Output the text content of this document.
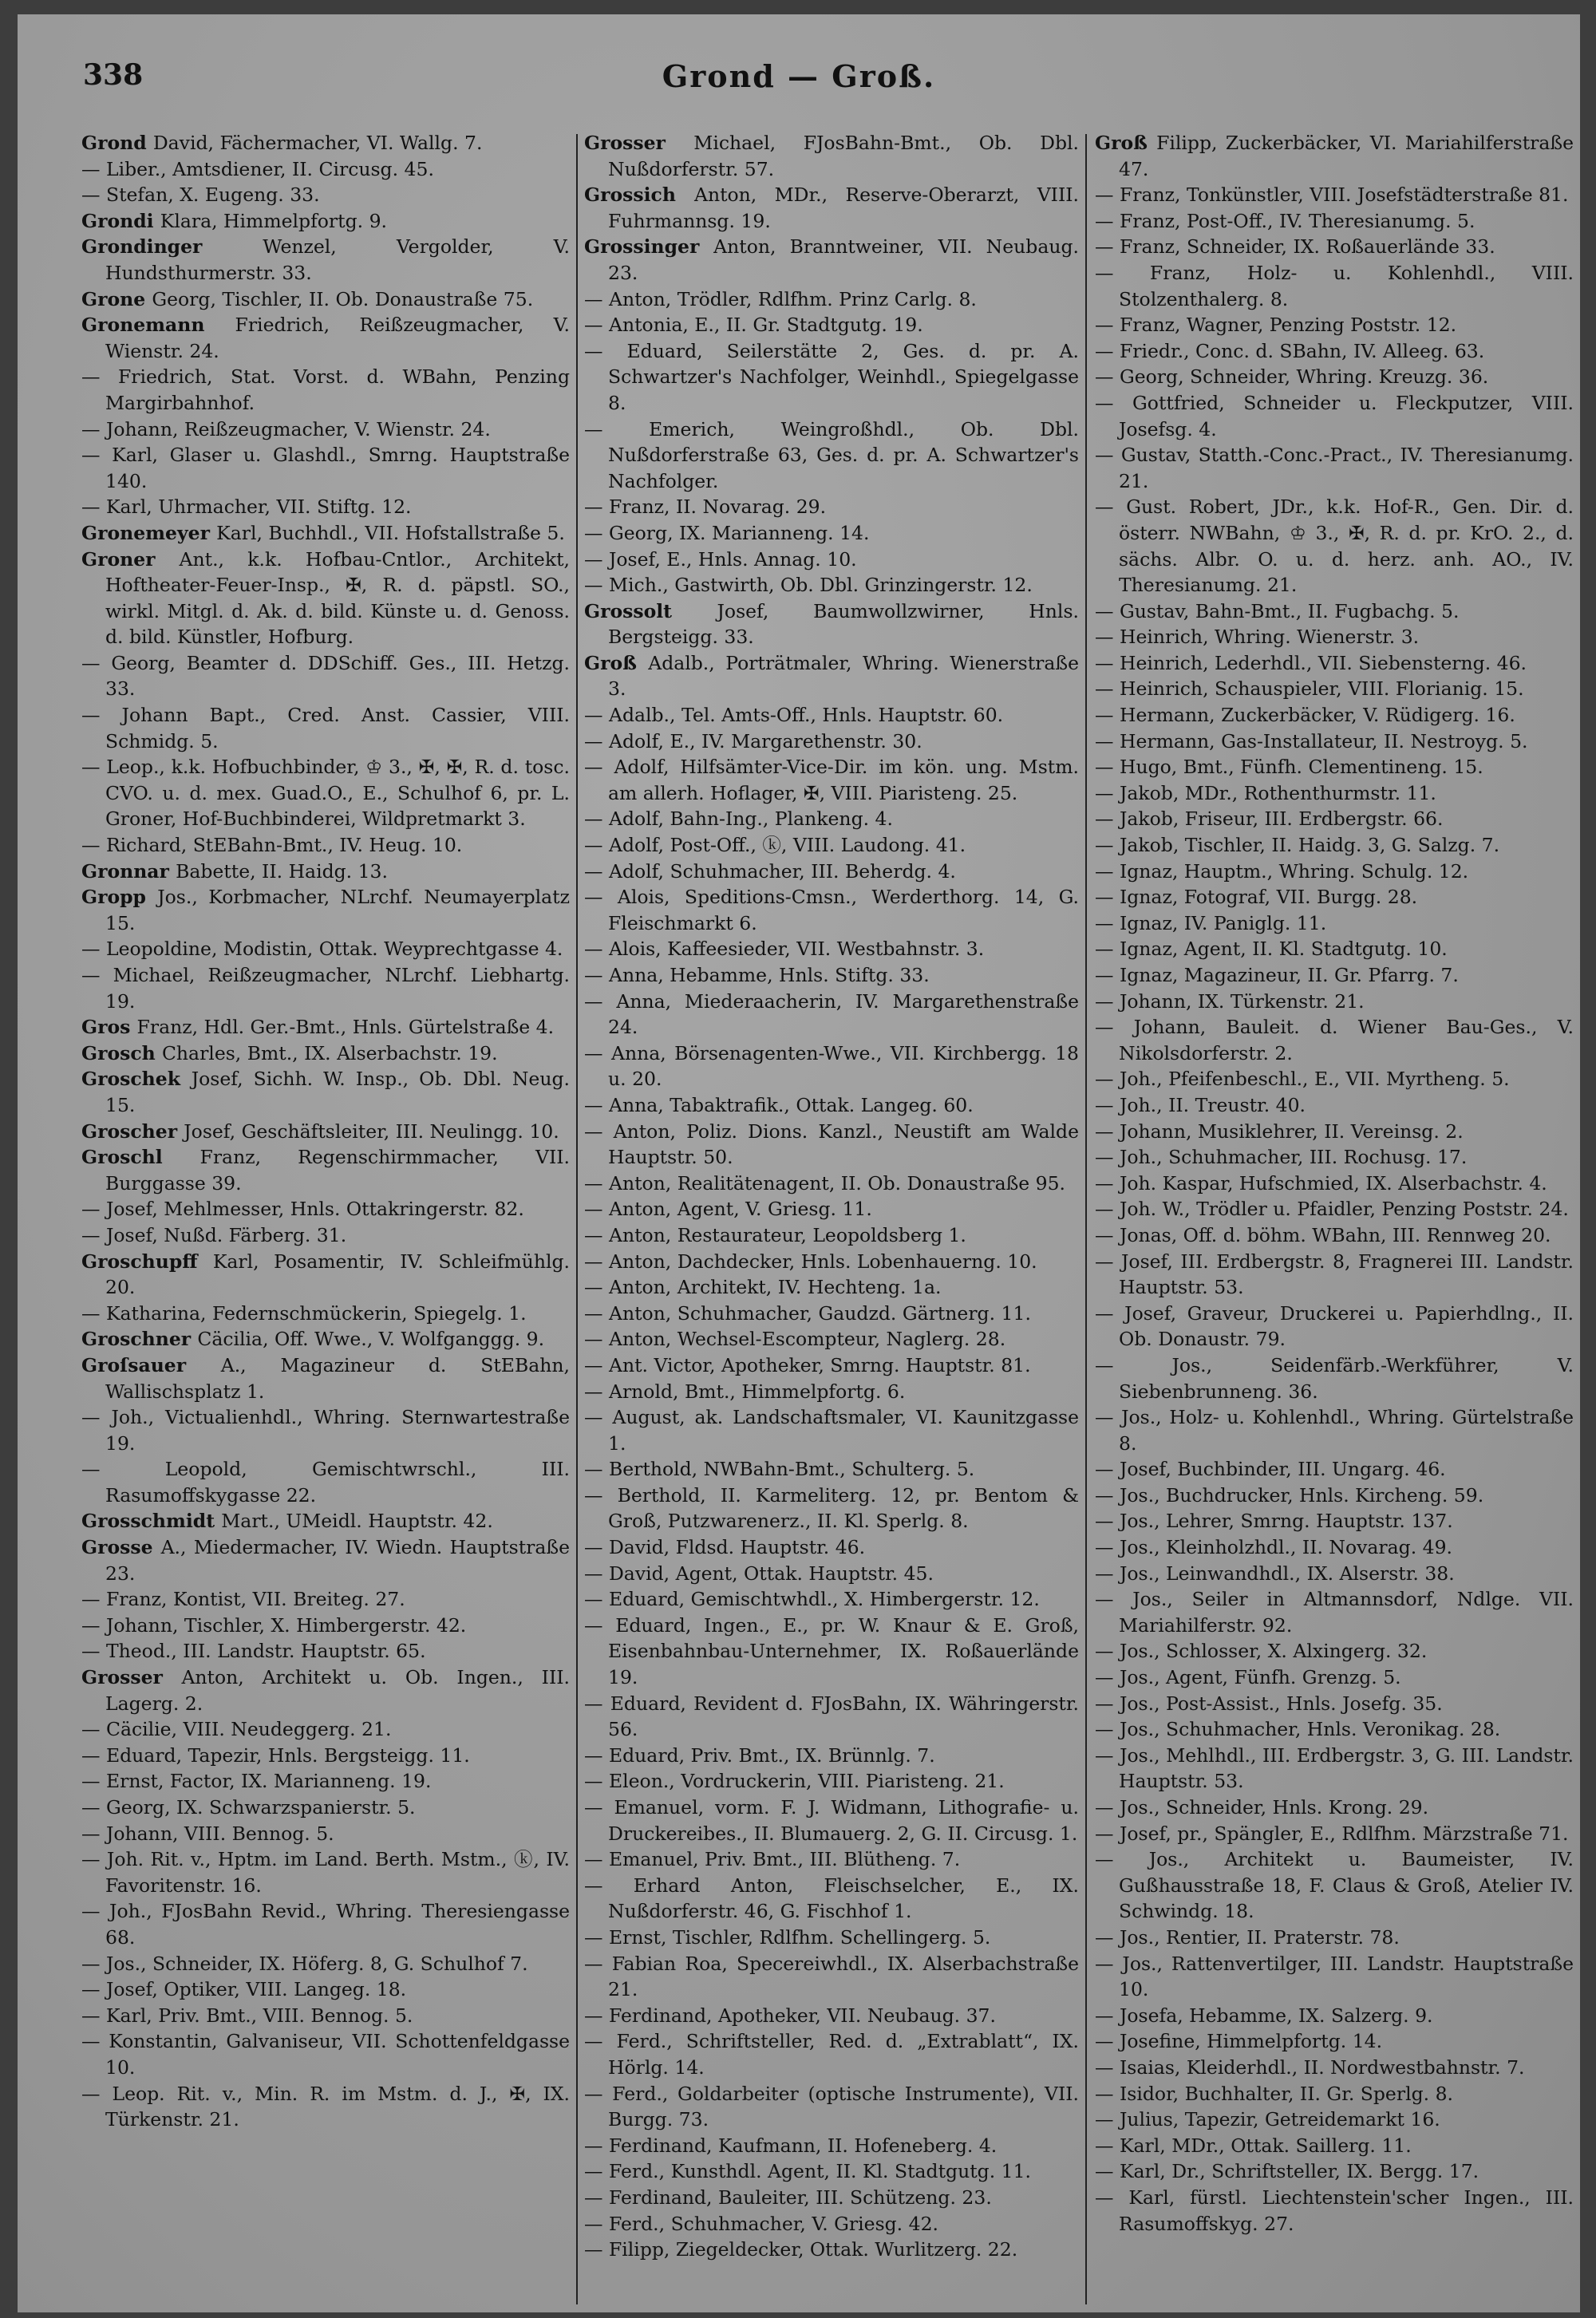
338	Grond — Groß.
Grond David, Fächermacher, VI. Wallg. 7.
— Liber., Amtsdiener, II. Circusg. 45.
— Stefan, X. Eugeng. 33.
Grondi Klara, Himmelpfortg. 9.
Grondinger Wenzel, Vergolder, V. Hundsthurmerstr. 33.
Grone Georg, Tischler, II. Ob. Donaustraße 75.
Gronemann Friedrich, Reißzeugmacher, V. Wienstr. 24.
— Friedrich, Stat. Vorst. d. WBahn, Penzing Margirbahnhof.
— Johann, Reißzeugmacher, V. Wienstr. 24.
— Karl, Glaser u. Glashdl., Smrng. Hauptstraße 140.
— Karl, Uhrmacher, VII. Stiftg. 12.
Gronemeyer Karl, Buchhdl., VII. Hofstallstraße 5.
Groner Ant., k.k. Hofbau-Cntlor., Architekt, Hoftheater-Feuer-Insp., ✠, R. d. päpstl. SO., wirkl. Mitgl. d. Ak. d. bild. Künste u. d. Genoss. d. bild. Künstler, Hofburg.
— Georg, Beamter d. DDSchiff. Ges., III. Hetzg. 33.
— Johann Bapt., Cred. Anst. Cassier, VIII. Schmidg. 5.
— Leop., k.k. Hofbuchbinder, ♔ 3., ✠, ✠, R. d. tosc. CVO. u. d. mex. Guad.O., E., Schulhof 6, pr. L. Groner, Hof-Buchbinderei, Wildpretmarkt 3.
— Richard, StEBahn-Bmt., IV. Heug. 10.
Gronnar Babette, II. Haidg. 13.
Gropp Jos., Korbmacher, NLrchf. Neumayerplatz 15.
— Leopoldine, Modistin, Ottak. Weyprechtgasse 4.
— Michael, Reißzeugmacher, NLrchf. Liebhartg. 19.
Gros Franz, Hdl. Ger.-Bmt., Hnls. Gürtelstraße 4.
Grosch Charles, Bmt., IX. Alserbachstr. 19.
Groschek Josef, Sichh. W. Insp., Ob. Dbl. Neug. 15.
Groscher Josef, Geschäftsleiter, III. Neulingg. 10.
Groschl Franz, Regenschirmmacher, VII. Burggasse 39.
— Josef, Mehlmesser, Hnls. Ottakringerstr. 82.
— Josef, Nußd. Färberg. 31.
Groschupff Karl, Posamentir, IV. Schleifmühlg. 20.
— Katharina, Federnschmückerin, Spiegelg. 1.
Groschner Cäcilia, Off. Wwe., V. Wolfganggg. 9.
Groſsauer A., Magazineur d. StEBahn, Wallischsplatz 1.
— Joh., Victualienhdl., Whring. Sternwartestraße 19.
— Leopold, Gemischtwrschl., III. Rasumoffskygasse 22.
Grosschmidt Mart., UMeidl. Hauptstr. 42.
Grosse A., Miedermacher, IV. Wiedn. Hauptstraße 23.
— Franz, Kontist, VII. Breiteg. 27.
— Johann, Tischler, X. Himbergerstr. 42.
— Theod., III. Landstr. Hauptstr. 65.
Grosser Anton, Architekt u. Ob. Ingen., III. Lagerg. 2.
— Cäcilie, VIII. Neudeggerg. 21.
— Eduard, Tapezir, Hnls. Bergsteigg. 11.
— Ernst, Factor, IX. Marianneng. 19.
— Georg, IX. Schwarzspanierstr. 5.
— Johann, VIII. Bennog. 5.
— Joh. Rit. v., Hptm. im Land. Berth. Mstm., ⓚ, IV. Favoritenstr. 16.
— Joh., FJosBahn Revid., Whring. Theresiengasse 68.
— Jos., Schneider, IX. Höferg. 8, G. Schulhof 7.
— Josef, Optiker, VIII. Langeg. 18.
— Karl, Priv. Bmt., VIII. Bennog. 5.
— Konstantin, Galvaniseur, VII. Schottenfeldgasse 10.
— Leop. Rit. v., Min. R. im Mstm. d. J., ✠, IX. Türkenstr. 21.
Grosser Michael, FJosBahn-Bmt., Ob. Dbl. Nußdorferstr. 57.
Grossich Anton, MDr., Reserve-Oberarzt, VIII. Fuhrmannsg. 19.
Grossinger Anton, Branntweiner, VII. Neubaug. 23.
— Anton, Trödler, Rdlfhm. Prinz Carlg. 8.
— Antonia, E., II. Gr. Stadtgutg. 19.
— Eduard, Seilerstätte 2, Ges. d. pr. A. Schwartzer's Nachfolger, Weinhdl., Spiegelgasse 8.
— Emerich, Weingroßhdl., Ob. Dbl. Nußdorferstraße 63, Ges. d. pr. A. Schwartzer's Nachfolger.
— Franz, II. Novarag. 29.
— Georg, IX. Marianneng. 14.
— Josef, E., Hnls. Annag. 10.
— Mich., Gastwirth, Ob. Dbl. Grinzingerstr. 12.
Grossolt Josef, Baumwollzwirner, Hnls. Bergsteigg. 33.
Groß Adalb., Porträtmaler, Whring. Wienerstraße 3.
— Adalb., Tel. Amts-Off., Hnls. Hauptstr. 60.
— Adolf, E., IV. Margarethenstr. 30.
— Adolf, Hilfsämter-Vice-Dir. im kön. ung. Mstm. am allerh. Hoflager, ✠, VIII. Piaristeng. 25.
— Adolf, Bahn-Ing., Plankeng. 4.
— Adolf, Post-Off., ⓚ, VIII. Laudong. 41.
— Adolf, Schuhmacher, III. Beherdg. 4.
— Alois, Speditions-Cmsn., Werderthorg. 14, G. Fleischmarkt 6.
— Alois, Kaffeesieder, VII. Westbahnstr. 3.
— Anna, Hebamme, Hnls. Stiftg. 33.
— Anna, Miederaacherin, IV. Margarethenstraße 24.
— Anna, Börsenagenten-Wwe., VII. Kirchbergg. 18 u. 20.
— Anna, Tabaktrafik., Ottak. Langeg. 60.
— Anton, Poliz. Dions. Kanzl., Neustift am Walde Hauptstr. 50.
— Anton, Realitätenagent, II. Ob. Donaustraße 95.
— Anton, Agent, V. Griesg. 11.
— Anton, Restaurateur, Leopoldsberg 1.
— Anton, Dachdecker, Hnls. Lobenhauerng. 10.
— Anton, Architekt, IV. Hechteng. 1a.
— Anton, Schuhmacher, Gaudzd. Gärtnerg. 11.
— Anton, Wechsel-Escompteur, Naglerg. 28.
— Ant. Victor, Apotheker, Smrng. Hauptstr. 81.
— Arnold, Bmt., Himmelpfortg. 6.
— August, ak. Landschaftsmaler, VI. Kaunitzgasse 1.
— Berthold, NWBahn-Bmt., Schulterg. 5.
— Berthold, II. Karmeliterg. 12, pr. Bentom & Groß, Putzwarenerz., II. Kl. Sperlg. 8.
— David, Fldsd. Hauptstr. 46.
— David, Agent, Ottak. Hauptstr. 45.
— Eduard, Gemischtwhdl., X. Himbergerstr. 12.
— Eduard, Ingen., E., pr. W. Knaur & E. Groß, Eisenbahnbau-Unternehmer, IX. Roßauerlände 19.
— Eduard, Revident d. FJosBahn, IX. Währingerstr. 56.
— Eduard, Priv. Bmt., IX. Brünnlg. 7.
— Eleon., Vordruckerin, VIII. Piaristeng. 21.
— Emanuel, vorm. F. J. Widmann, Lithografie- u. Druckereibes., II. Blumauerg. 2, G. II. Circusg. 1.
— Emanuel, Priv. Bmt., III. Blütheng. 7.
— Erhard Anton, Fleischselcher, E., IX. Nußdorferstr. 46, G. Fischhof 1.
— Ernst, Tischler, Rdlfhm. Schellingerg. 5.
— Fabian Roa, Specereiwhdl., IX. Alserbachstraße 21.
— Ferdinand, Apotheker, VII. Neubaug. 37.
— Ferd., Schriftsteller, Red. d. „Extrablatt“, IX. Hörlg. 14.
— Ferd., Goldarbeiter (optische Instrumente), VII. Burgg. 73.
— Ferdinand, Kaufmann, II. Hofeneberg. 4.
— Ferd., Kunsthdl. Agent, II. Kl. Stadtgutg. 11.
— Ferdinand, Bauleiter, III. Schützeng. 23.
— Ferd., Schuhmacher, V. Griesg. 42.
— Filipp, Ziegeldecker, Ottak. Wurlitzerg. 22.
Groß Filipp, Zuckerbäcker, VI. Mariahilferstraße 47.
— Franz, Tonkünstler, VIII. Josefstädterstraße 81.
— Franz, Post-Off., IV. Theresianumg. 5.
— Franz, Schneider, IX. Roßauerlände 33.
— Franz, Holz- u. Kohlenhdl., VIII. Stolzenthalerg. 8.
— Franz, Wagner, Penzing Poststr. 12.
— Friedr., Conc. d. SBahn, IV. Alleeg. 63.
— Georg, Schneider, Whring. Kreuzg. 36.
— Gottfried, Schneider u. Fleckputzer, VIII. Josefsg. 4.
— Gustav, Statth.-Conc.-Pract., IV. Theresianumg. 21.
— Gust. Robert, JDr., k.k. Hof-R., Gen. Dir. d. österr. NWBahn, ♔ 3., ✠, R. d. pr. KrO. 2., d. sächs. Albr. O. u. d. herz. anh. AO., IV. Theresianumg. 21.
— Gustav, Bahn-Bmt., II. Fugbachg. 5.
— Heinrich, Whring. Wienerstr. 3.
— Heinrich, Lederhdl., VII. Siebensterng. 46.
— Heinrich, Schauspieler, VIII. Florianig. 15.
— Hermann, Zuckerbäcker, V. Rüdigerg. 16.
— Hermann, Gas-Installateur, II. Nestroyg. 5.
— Hugo, Bmt., Fünfh. Clementineng. 15.
— Jakob, MDr., Rothenthurmstr. 11.
— Jakob, Friseur, III. Erdbergstr. 66.
— Jakob, Tischler, II. Haidg. 3, G. Salzg. 7.
— Ignaz, Hauptm., Whring. Schulg. 12.
— Ignaz, Fotograf, VII. Burgg. 28.
— Ignaz, IV. Paniglg. 11.
— Ignaz, Agent, II. Kl. Stadtgutg. 10.
— Ignaz, Magazineur, II. Gr. Pfarrg. 7.
— Johann, IX. Türkenstr. 21.
— Johann, Bauleit. d. Wiener Bau-Ges., V. Nikolsdorferstr. 2.
— Joh., Pfeifenbeschl., E., VII. Myrtheng. 5.
— Joh., II. Treustr. 40.
— Johann, Musiklehrer, II. Vereinsg. 2.
— Joh., Schuhmacher, III. Rochusg. 17.
— Joh. Kaspar, Hufschmied, IX. Alserbachstr. 4.
— Joh. W., Trödler u. Pfaidler, Penzing Poststr. 24.
— Jonas, Off. d. böhm. WBahn, III. Rennweg 20.
— Josef, III. Erdbergstr. 8, Fragnerei III. Landstr. Hauptstr. 53.
— Josef, Graveur, Druckerei u. Papierhdlng., II. Ob. Donaustr. 79.
— Jos., Seidenfärb.-Werkführer, V. Siebenbrunneng. 36.
— Jos., Holz- u. Kohlenhdl., Whring. Gürtelstraße 8.
— Josef, Buchbinder, III. Ungarg. 46.
— Jos., Buchdrucker, Hnls. Kircheng. 59.
— Jos., Lehrer, Smrng. Hauptstr. 137.
— Jos., Kleinholzhdl., II. Novarag. 49.
— Jos., Leinwandhdl., IX. Alserstr. 38.
— Jos., Seiler in Altmannsdorf, Ndlge. VII. Mariahilferstr. 92.
— Jos., Schlosser, X. Alxingerg. 32.
— Jos., Agent, Fünfh. Grenzg. 5.
— Jos., Post-Assist., Hnls. Josefg. 35.
— Jos., Schuhmacher, Hnls. Veronikag. 28.
— Jos., Mehlhdl., III. Erdbergstr. 3, G. III. Landstr. Hauptstr. 53.
— Jos., Schneider, Hnls. Krong. 29.
— Josef, pr., Spängler, E., Rdlfhm. Märzstraße 71.
— Jos., Architekt u. Baumeister, IV. Gußhausstraße 18, F. Claus & Groß, Atelier IV. Schwindg. 18.
— Jos., Rentier, II. Praterstr. 78.
— Jos., Rattenvertilger, III. Landstr. Hauptstraße 10.
— Josefa, Hebamme, IX. Salzerg. 9.
— Josefine, Himmelpfortg. 14.
— Isaias, Kleiderhdl., II. Nordwestbahnstr. 7.
— Isidor, Buchhalter, II. Gr. Sperlg. 8.
— Julius, Tapezir, Getreidemarkt 16.
— Karl, MDr., Ottak. Saillerg. 11.
— Karl, Dr., Schriftsteller, IX. Bergg. 17.
— Karl, fürstl. Liechtenstein'scher Ingen., III. Rasumoffskyg. 27.
